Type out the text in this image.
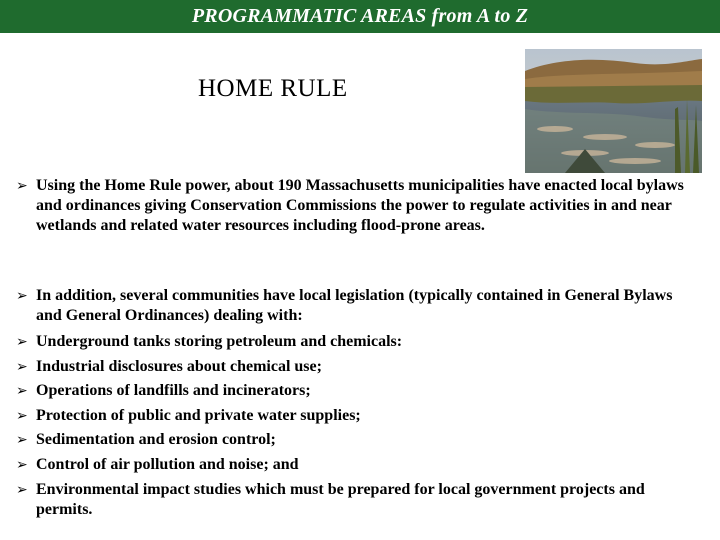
PROGRAMMATIC AREAS from A to Z
HOME RULE
➢ Using the Home Rule power, about 190 Massachusetts municipalities have enacted local bylaws and ordinances giving Conservation Commissions the power to regulate activities in and near wetlands and related water resources including flood-prone areas.
➢ In addition, several communities have local legislation (typically contained in General Bylaws and General Ordinances) dealing with:
➢ Underground tanks storing petroleum and chemicals:
➢ Industrial disclosures about chemical use;
➢ Operations of landfills and incinerators;
➢ Protection of public and private water supplies;
➢ Sedimentation and erosion control;
➢ Control of air pollution and noise; and
➢ Environmental impact studies which must be prepared for local government projects and permits.
